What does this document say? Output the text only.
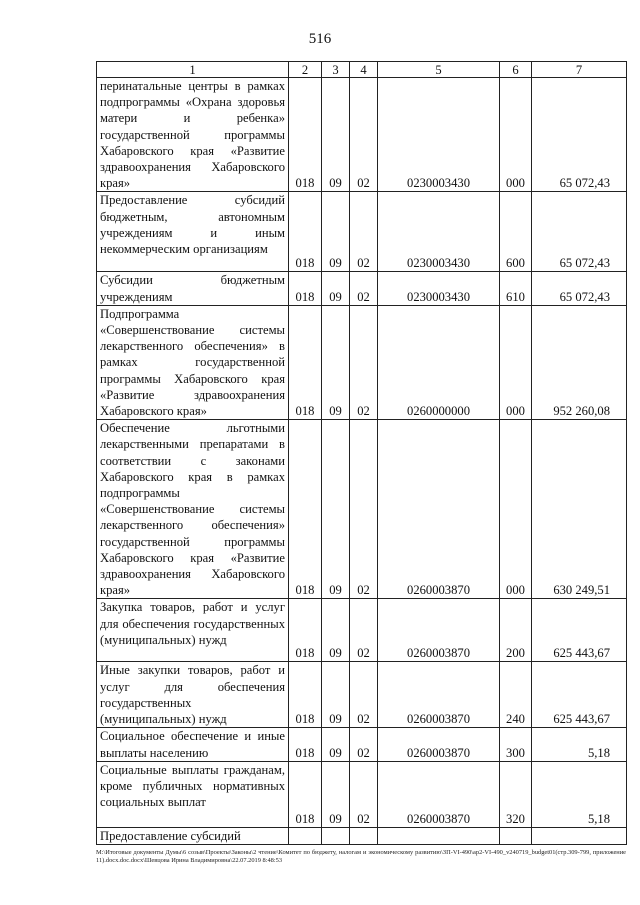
516
1	2	3	4	5	6	7
перинатальные центры в рамках подпрограммы «Охрана здоровья матери и ребенка» государственной программы Хабаровского края «Развитие здравоохранения Хабаровского края»	018	09	02	0230003430	000	65 072,43
Предоставление субсидий бюджетным, автономным учреждениям и иным некоммерческим организациям	018	09	02	0230003430	600	65 072,43
Субсидии бюджетным учреждениям	018	09	02	0230003430	610	65 072,43
Подпрограмма «Совершенствование системы лекарственного обеспечения» в рамках государственной программы Хабаровского края «Развитие здравоохранения Хабаровского края»	018	09	02	0260000000	000	952 260,08
Обеспечение льготными лекарственными препаратами в соответствии с законами Хабаровского края в рамках подпрограммы «Совершенствование системы лекарственного обеспечения» государственной программы Хабаровского края «Развитие здравоохранения Хабаровского края»	018	09	02	0260003870	000	630 249,51
Закупка товаров, работ и услуг для обеспечения государственных (муниципальных) нужд	018	09	02	0260003870	200	625 443,67
Иные закупки товаров, работ и услуг для обеспечения государственных (муниципальных) нужд	018	09	02	0260003870	240	625 443,67
Социальное обеспечение и иные выплаты населению	018	09	02	0260003870	300	5,18
Социальные выплаты гражданам, кроме публичных нормативных социальных выплат	018	09	02	0260003870	320	5,18
Предоставление субсидий						
M:\Итоговые документы Думы\6 созыв\Проекты\Законы\2 чтение\Комитет по бюджету, налогам и экономическому развитию\ЗП-VI-490\ар2-VI-490_v240719_budget01(стр.309-799, приложение 11).docx.doc.docx\Шевцова Ирина Владимировна\22.07.2019 8:48:53
